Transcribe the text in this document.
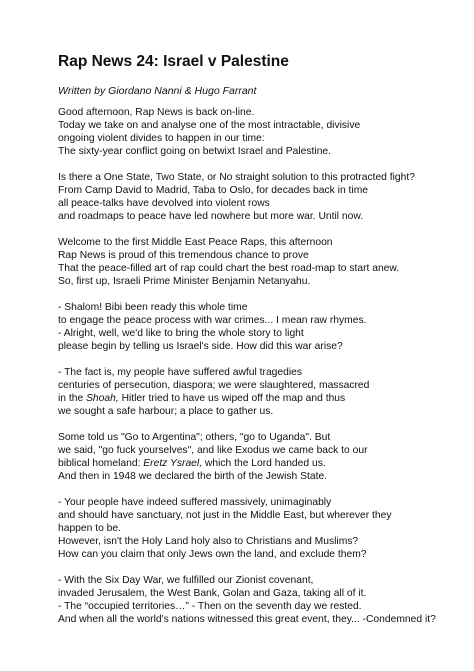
Rap News 24: Israel v Palestine
Written by Giordano Nanni & Hugo Farrant

Good afternoon, Rap News is back on-line.
Today we take on and analyse one of the most intractable, divisive
ongoing violent divides to happen in our time:
The sixty-year conflict going on betwixt Israel and Palestine.

Is there a One State, Two State, or No straight solution to this protracted fight?
From Camp David to Madrid, Taba to Oslo, for decades back in time
all peace-talks have devolved into violent rows
and roadmaps to peace have led nowhere but more war. Until now.

Welcome to the first Middle East Peace Raps, this afternoon
Rap News is proud of this tremendous chance to prove
That the peace-filled art of rap could chart the best road-map to start anew.
So, first up, Israeli Prime Minister Benjamin Netanyahu.

- Shalom! Bibi been ready this whole time
to engage the peace process with war crimes... I mean raw rhymes.
- Alright, well, we'd like to bring the whole story to light
please begin by telling us Israel's side. How did this war arise?

- The fact is, my people have suffered awful tragedies
centuries of persecution, diaspora; we were slaughtered, massacred
in the Shoah, Hitler tried to have us wiped off the map and thus
we sought a safe harbour; a place to gather us.

Some told us "Go to Argentina"; others, "go to Uganda". But
we said, "go fuck yourselves", and like Exodus we came back to our
biblical homeland: Eretz Ysrael, which the Lord handed us.
And then in 1948 we declared the birth of the Jewish State.

- Your people have indeed suffered massively, unimaginably
and should have sanctuary, not just in the Middle East, but wherever they happen to be.
However, isn't the Holy Land holy also to Christians and Muslims?
How can you claim that only Jews own the land, and exclude them?

- With the Six Day War, we fulfilled our Zionist covenant,
invaded Jerusalem, the West Bank, Golan and Gaza, taking all of it.
- The “occupied territories…” - Then on the seventh day we rested.
And when all the world's nations witnessed this great event, they... -Condemned it?
